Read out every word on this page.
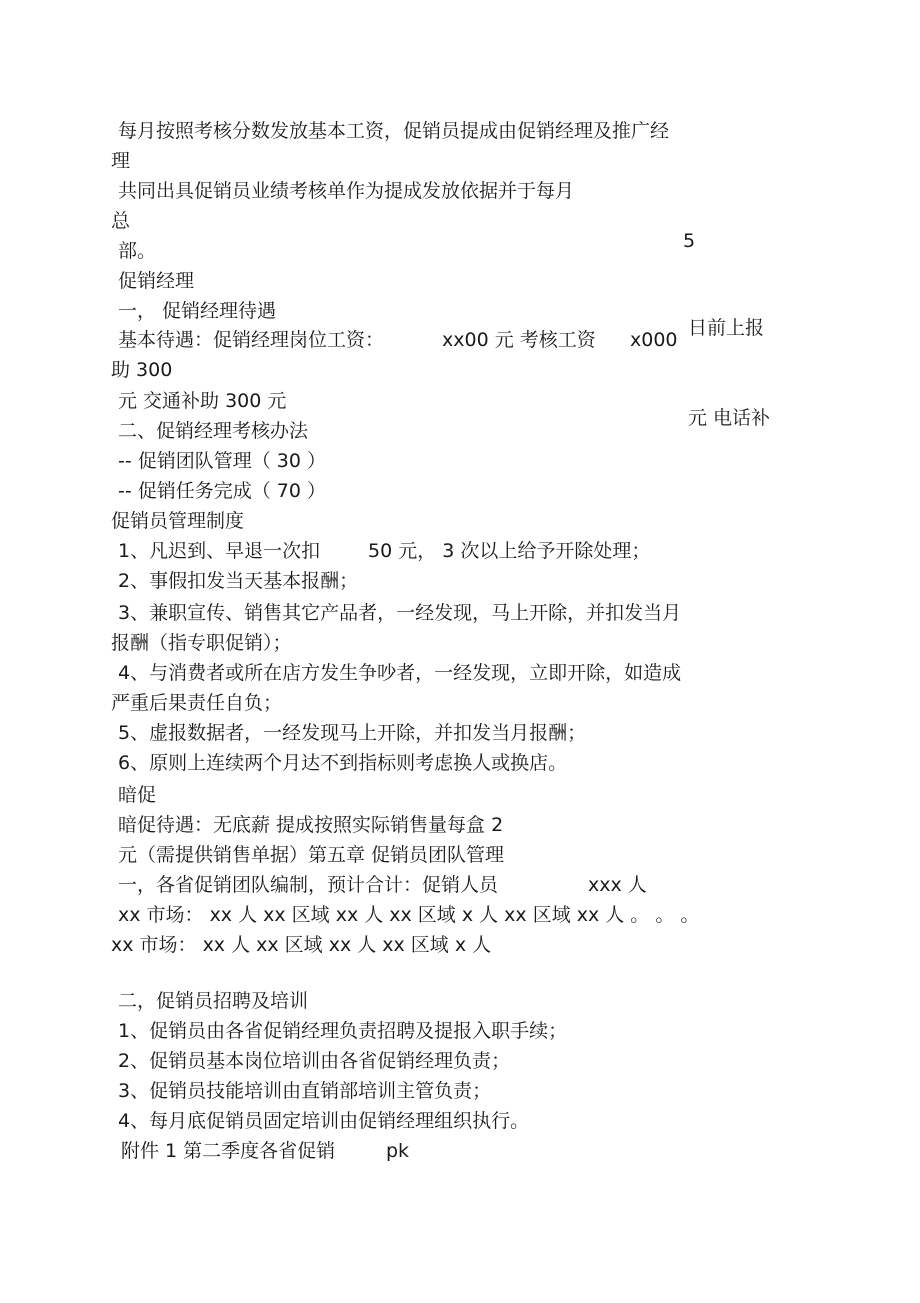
每月按照考核分数发放基本工资，促销员提成由促销经理及推广经
理
共同出具促销员业绩考核单作为提成发放依据并于每月
总
部。
促销经理
一， 促销经理待遇
基本待遇：促销经理岗位工资：	xx00 元 考核工资 x000
助 300
元 交通补助 300 元
二、促销经理考核办法
-- 促销团队管理（ 30 ）
-- 促销任务完成（ 70 ）
促销员管理制度
1、凡迟到、早退一次扣	50 元， 3 次以上给予开除处理；
2、事假扣发当天基本报酬；
3、兼职宣传、销售其它产品者，一经发现，马上开除，并扣发当月
报酬（指专职促销）；
4、与消费者或所在店方发生争吵者，一经发现，立即开除，如造成
严重后果责任自负；
5、虚报数据者，一经发现马上开除，并扣发当月报酬；
6、原则上连续两个月达不到指标则考虑换人或换店。
暗促
暗促待遇：无底薪 提成按照实际销售量每盒 2
元（需提供销售单据）第五章 促销员团队管理
一，各省促销团队编制，预计合计：促销人员	xxx 人
xx 市场： xx 人 xx 区域 xx 人 xx 区域 x 人 xx 区域 xx 人 。 。 。
xx 市场： xx 人 xx 区域 xx 人 xx 区域 x 人
二，促销员招聘及培训
1、促销员由各省促销经理负责招聘及提报入职手续；
2、促销员基本岗位培训由各省促销经理负责；
3、促销员技能培训由直销部培训主管负责；
4、每月底促销员固定培训由促销经理组织执行。
附件 1 第二季度各省促销	pk
5
日前上报
元 电话补
